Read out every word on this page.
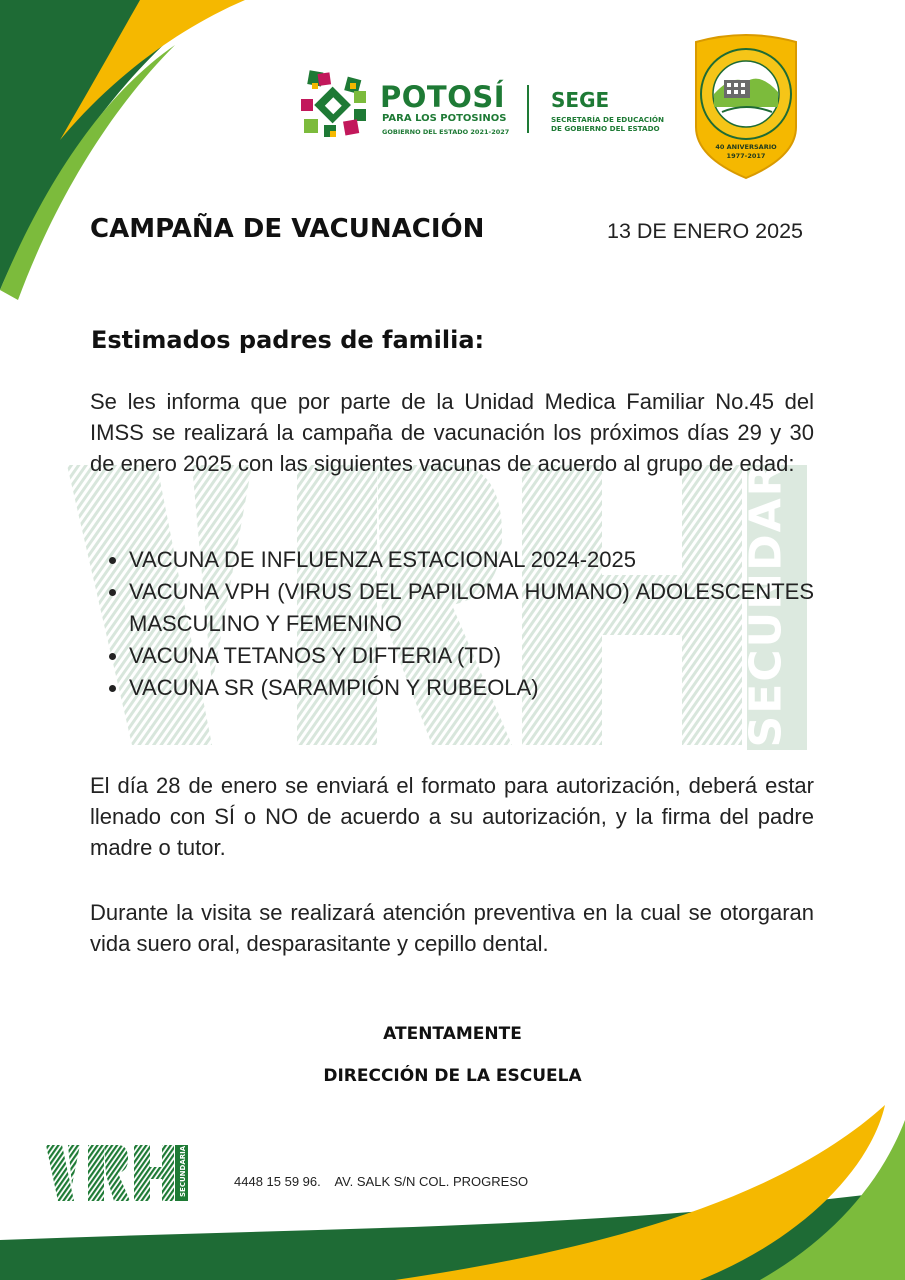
SECUNDARIA
POTOSÍ
PARA LOS POTOSINOS
GOBIERNO DEL ESTADO 2021-2027
SEGE
SECRETARÍA DE EDUCACIÓN
DE GOBIERNO DEL ESTADO
40 ANIVERSARIO
1977-2017
CAMPAÑA DE VACUNACIÓN	13 DE ENERO 2025
Estimados padres de familia:
Se les informa que por parte de la Unidad Medica Familiar No.45 del IMSS se realizará la campaña de vacunación los próximos días 29 y 30 de enero 2025 con las siguientes vacunas de acuerdo al grupo de edad:
• VACUNA DE INFLUENZA ESTACIONAL 2024-2025
• VACUNA VPH (VIRUS DEL PAPILOMA HUMANO) ADOLESCENTES MASCULINO Y FEMENINO
• VACUNA TETANOS Y DIFTERIA (TD)
• VACUNA SR (SARAMPIÓN Y RUBEOLA)
El día 28 de enero se enviará el formato para autorización, deberá estar llenado con SÍ o NO de acuerdo a su autorización, y la firma del padre madre o tutor.
Durante la visita se realizará atención preventiva en la cual se otorgaran vida suero oral, desparasitante y cepillo dental.
ATENTAMENTE
DIRECCIÓN DE LA ESCUELA
SECUNDARIA	4448 15 59 96.    AV. SALK S/N COL. PROGRESO
